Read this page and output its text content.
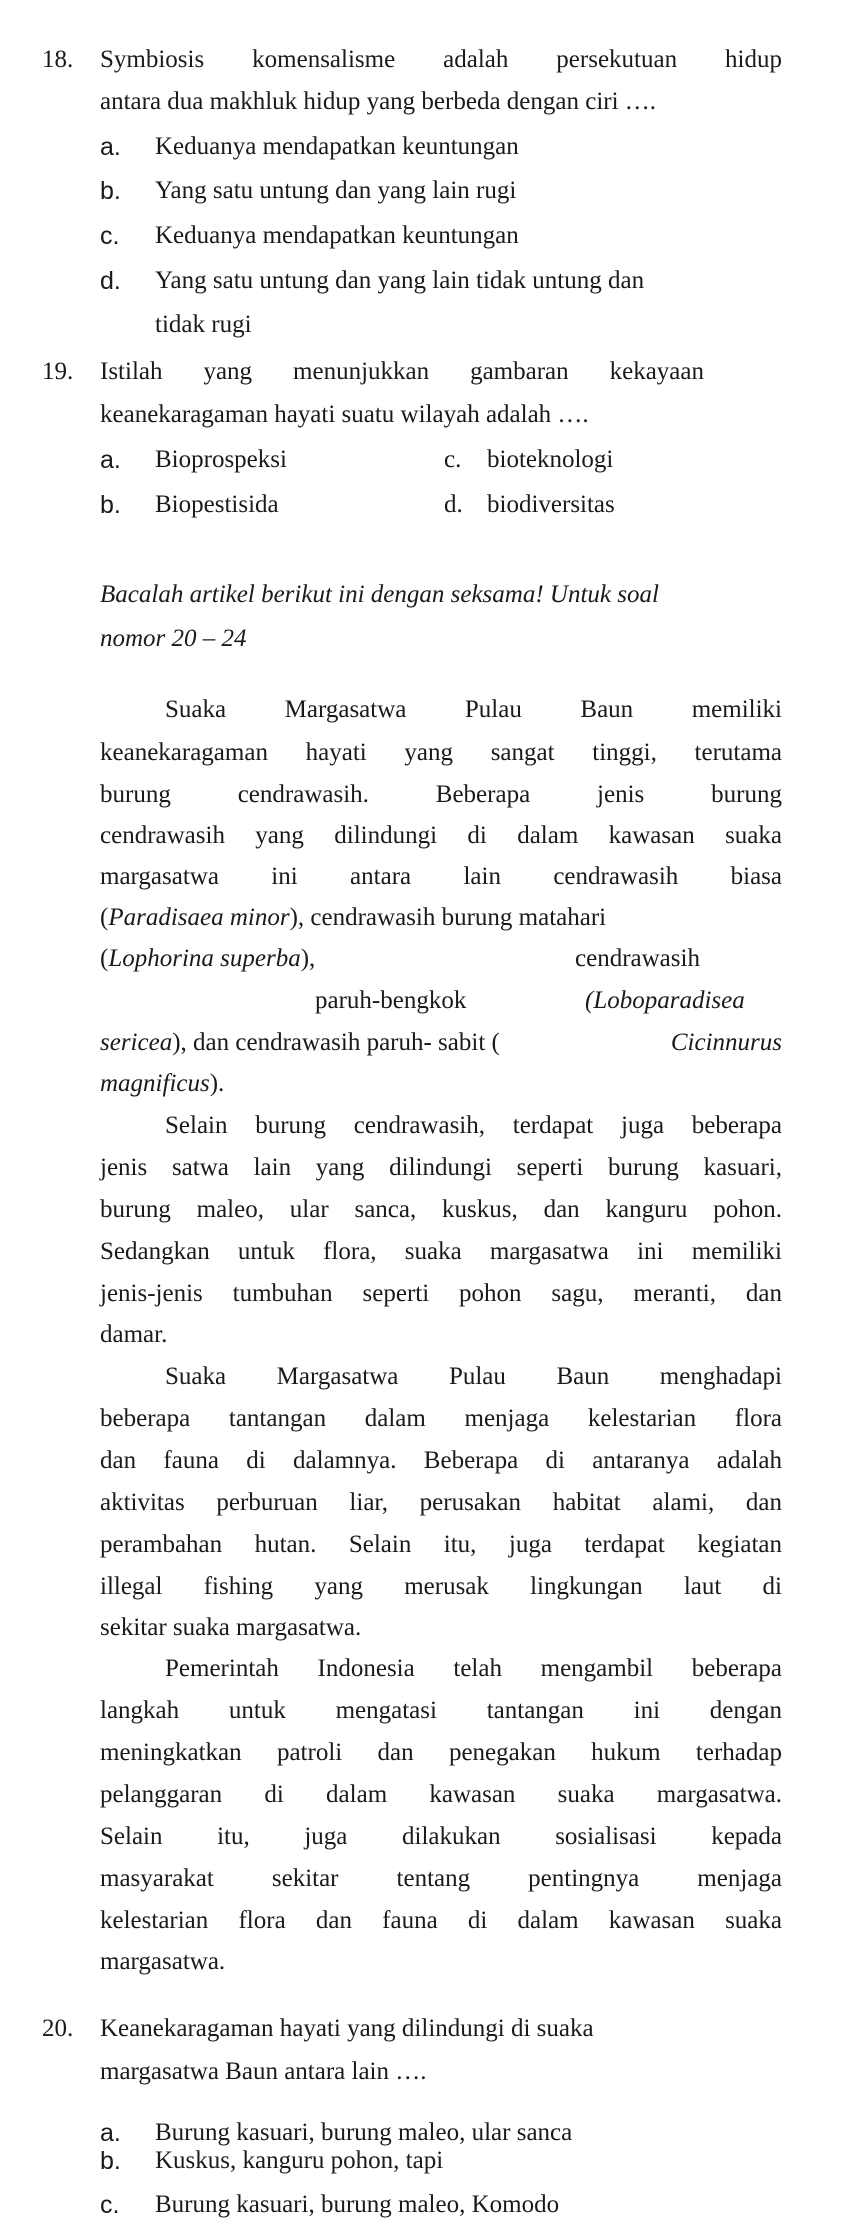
18. Symbiosis komensalisme adalah persekutuan hidup
antara dua makhluk hidup yang berbeda dengan ciri ….
a. Keduanya mendapatkan keuntungan
b. Yang satu untung dan yang lain rugi
c. Keduanya mendapatkan keuntungan
d. Yang satu untung dan yang lain tidak untung dan
tidak rugi
19. Istilah yang menunjukkan gambaran kekayaan
keanekaragaman hayati suatu wilayah adalah ….
a. Bioprospeksi	c. bioteknologi
b. Biopestisida	d. biodiversitas
Bacalah artikel berikut ini dengan seksama! Untuk soal
nomor 20 – 24
Suaka Margasatwa Pulau Baun memiliki
keanekaragaman hayati yang sangat tinggi, terutama
burung cendrawasih. Beberapa jenis burung
cendrawasih yang dilindungi di dalam kawasan suaka
margasatwa ini antara lain cendrawasih biasa
( Paradisaea minor ), cendrawasih burung matahari
(Lophorina superba),	cendrawasih
paruh-bengkok	(Loboparadisea
sericea ), dan cendrawasih paruh- sabit (	Cicinnurus
magnificus).
Selain burung cendrawasih, terdapat juga beberapa
jenis satwa lain yang dilindungi seperti burung kasuari,
burung maleo, ular sanca, kuskus, dan kanguru pohon.
Sedangkan untuk flora, suaka margasatwa ini memiliki
jenis-jenis tumbuhan seperti pohon sagu, meranti, dan
damar.
Suaka Margasatwa Pulau Baun menghadapi
beberapa tantangan dalam menjaga kelestarian flora
dan fauna di dalamnya. Beberapa di antaranya adalah
aktivitas perburuan liar, perusakan habitat alami, dan
perambahan hutan. Selain itu, juga terdapat kegiatan
illegal fishing yang merusak lingkungan laut di
sekitar suaka margasatwa.
Pemerintah Indonesia telah mengambil beberapa
langkah untuk mengatasi tantangan ini dengan
meningkatkan patroli dan penegakan hukum terhadap
pelanggaran di dalam kawasan suaka margasatwa.
Selain itu, juga dilakukan sosialisasi kepada
masyarakat sekitar tentang pentingnya menjaga
kelestarian flora dan fauna di dalam kawasan suaka
margasatwa.
20. Keanekaragaman hayati yang dilindungi di suaka
margasatwa Baun antara lain ….
a. Burung kasuari, burung maleo, ular sanca
b. Kuskus, kanguru pohon, tapi
c. Burung kasuari, burung maleo, Komodo
